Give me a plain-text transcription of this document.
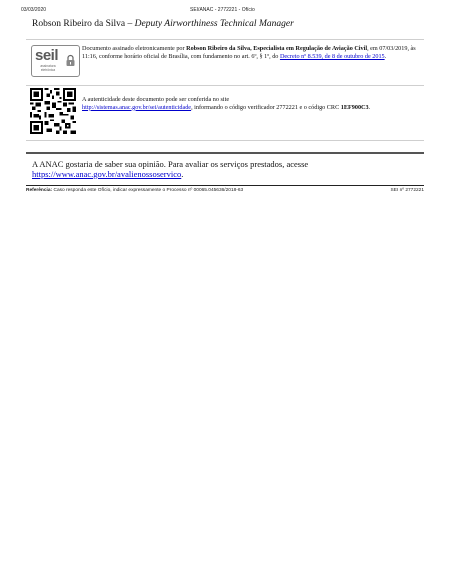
03/03/2020	SEI/ANAC - 2772221 - Ofício
Robson Ribeiro da Silva – Deputy Airworthiness Technical Manager
seil
assinatura eletrônica
Documento assinado eletronicamente por Robson Ribeiro da Silva, Especialista em Regulação de Aviação Civil, em 07/03/2019, às 11:16, conforme horário oficial de Brasília, com fundamento no art. 6º, § 1º, do Decreto nº 8.539, de 8 de outubro de 2015.
A autenticidade deste documento pode ser conferida no site
http://sistemas.anac.gov.br/sei/autenticidade, informando o código verificador 2772221 e o código CRC 1EF900C3.
A ANAC gostaria de saber sua opinião. Para avaliar os serviços prestados, acesse
https://www.anac.gov.br/avalienossoservico.
Referência: Caso responda este Ofício, indicar expressamente o Processo nº 00065.045636/2018-63	SEI nº 2772221
